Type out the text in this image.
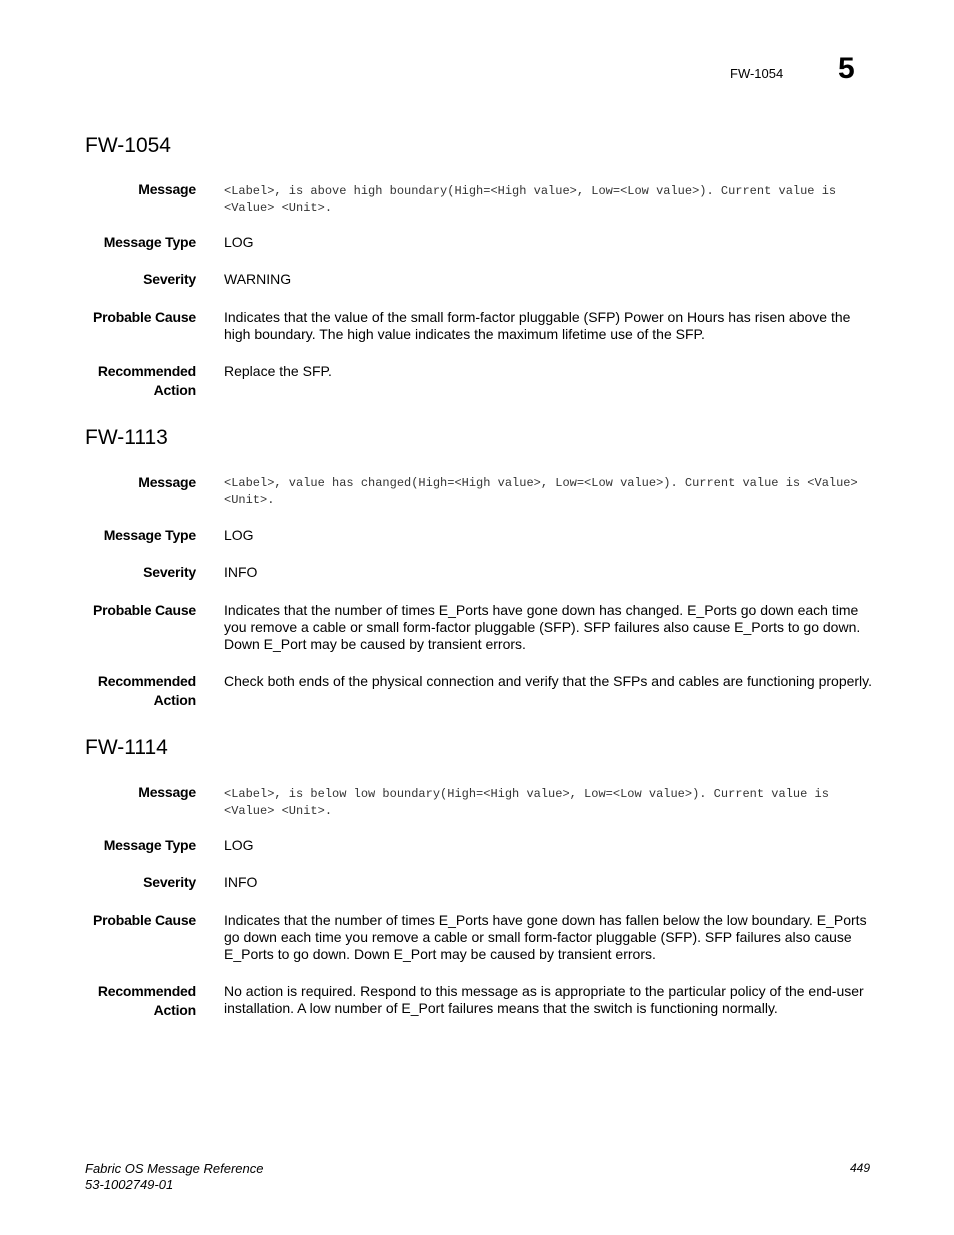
FW-1054 5
FW-1054
Message <Label>, is above high boundary(High=<High value>, Low=<Low value>). Current value is <Value> <Unit>.
Message Type LOG
Severity WARNING
Probable Cause Indicates that the value of the small form-factor pluggable (SFP) Power on Hours has risen above the high boundary. The high value indicates the maximum lifetime use of the SFP.
Recommended Action
Replace the SFP.
FW-1113
Message <Label>, value has changed(High=<High value>, Low=<Low value>). Current value is <Value> <Unit>.
Message Type LOG
Severity INFO
Probable Cause Indicates that the number of times E_Ports have gone down has changed. E_Ports go down each time you remove a cable or small form-factor pluggable (SFP). SFP failures also cause E_Ports to go down. Down E_Port may be caused by transient errors.
Recommended Action
Check both ends of the physical connection and verify that the SFPs and cables are functioning properly.
FW-1114
Message <Label>, is below low boundary(High=<High value>, Low=<Low value>). Current value is <Value> <Unit>.
Message Type LOG
Severity INFO
Probable Cause Indicates that the number of times E_Ports have gone down has fallen below the low boundary. E_Ports go down each time you remove a cable or small form-factor pluggable (SFP). SFP failures also cause E_Ports to go down. Down E_Port may be caused by transient errors.
Recommended Action
No action is required. Respond to this message as is appropriate to the particular policy of the end-user installation. A low number of E_Port failures means that the switch is functioning normally.
Fabric OS Message Reference
53-1002749-01
449
